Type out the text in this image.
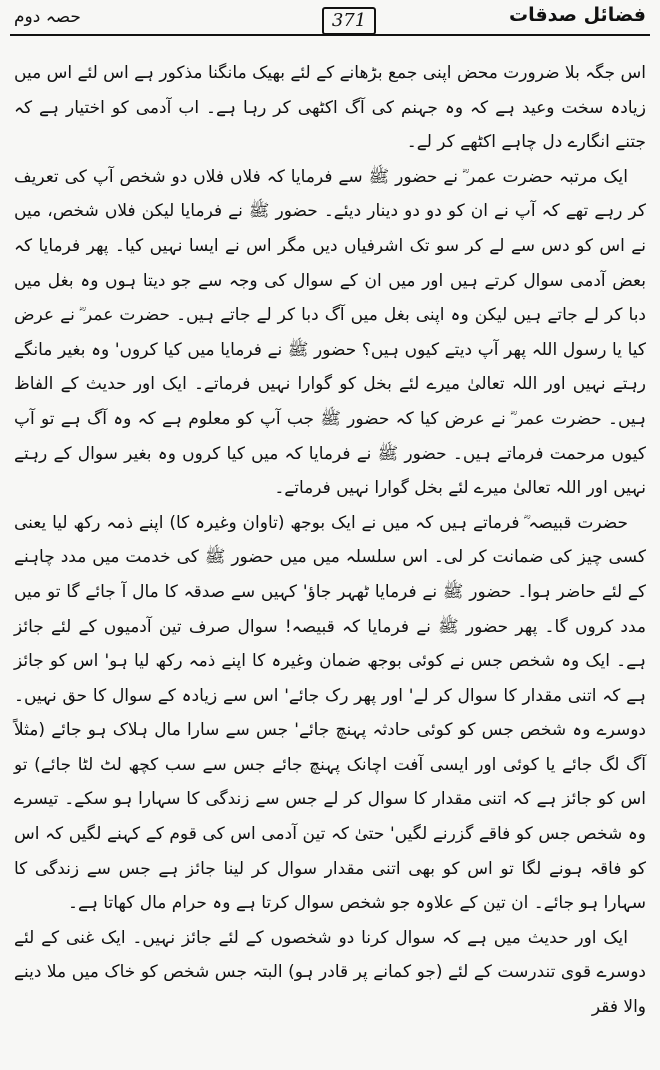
فضائل صدقات
371
حصہ دوم

اس جگہ بلا ضرورت محض اپنی جمع بڑھانے کے لئے بھیک مانگنا مذکور ہے اس لئے اس میں زیادہ سخت وعید ہے کہ وہ جہنم کی آگ اکٹھی کر رہا ہے۔ اب آدمی کو اختیار ہے کہ جتنے انگارے دل چاہے اکٹھے کر لے۔

ایک مرتبہ حضرت عمر ؓ نے حضور ﷺ سے فرمایا کہ فلاں فلاں دو شخص آپ کی تعریف کر رہے تھے کہ آپ نے ان کو دو دو دینار دیئے۔ حضور ﷺ نے فرمایا لیکن فلاں شخص، میں نے اس کو دس سے لے کر سو تک اشرفیاں دیں مگر اس نے ایسا نہیں کیا۔ پھر فرمایا کہ بعض آدمی سوال کرتے ہیں اور میں ان کے سوال کی وجہ سے جو دیتا ہوں وہ بغل میں دبا کر لے جاتے ہیں لیکن وہ اپنی بغل میں آگ دبا کر لے جاتے ہیں۔ حضرت عمر ؓ نے عرض کیا یا رسول اللہ پھر آپ دیتے کیوں ہیں؟ حضور ﷺ نے فرمایا میں کیا کروں' وہ بغیر مانگے رہتے نہیں اور اللہ تعالیٰ میرے لئے بخل کو گوارا نہیں فرماتے۔ ایک اور حدیث کے الفاظ ہیں۔ حضرت عمر ؓ نے عرض کیا کہ حضور ﷺ جب آپ کو معلوم ہے کہ وہ آگ ہے تو آپ کیوں مرحمت فرماتے ہیں۔ حضور ﷺ نے فرمایا کہ میں کیا کروں وہ بغیر سوال کے رہتے نہیں اور اللہ تعالیٰ میرے لئے بخل گوارا نہیں فرماتے۔

حضرت قبیصہ ؓ فرماتے ہیں کہ میں نے ایک بوجھ (تاوان وغیرہ کا) اپنے ذمہ رکھ لیا یعنی کسی چیز کی ضمانت کر لی۔ اس سلسلہ میں میں حضور ﷺ کی خدمت میں مدد چاہنے کے لئے حاضر ہوا۔ حضور ﷺ نے فرمایا ٹھہر جاؤ' کہیں سے صدقہ کا مال آ جائے گا تو میں مدد کروں گا۔ پھر حضور ﷺ نے فرمایا کہ قبیصہ! سوال صرف تین آدمیوں کے لئے جائز ہے۔ ایک وہ شخص جس نے کوئی بوجھ ضمان وغیرہ کا اپنے ذمہ رکھ لیا ہو' اس کو جائز ہے کہ اتنی مقدار کا سوال کر لے' اور پھر رک جائے' اس سے زیادہ کے سوال کا حق نہیں۔ دوسرے وہ شخص جس کو کوئی حادثہ پہنچ جائے' جس سے سارا مال ہلاک ہو جائے (مثلاً آگ لگ جائے یا کوئی اور ایسی آفت اچانک پہنچ جائے جس سے سب کچھ لٹ لٹا جائے) تو اس کو جائز ہے کہ اتنی مقدار کا سوال کر لے جس سے زندگی کا سہارا ہو سکے۔ تیسرے وہ شخص جس کو فاقے گزرنے لگیں' حتیٰ کہ تین آدمی اس کی قوم کے کہنے لگیں کہ اس کو فاقہ ہونے لگا تو اس کو بھی اتنی مقدار سوال کر لینا جائز ہے جس سے زندگی کا سہارا ہو جائے۔ ان تین کے علاوہ جو شخص سوال کرتا ہے وہ حرام مال کھاتا ہے۔

ایک اور حدیث میں ہے کہ سوال کرنا دو شخصوں کے لئے جائز نہیں۔ ایک غنی کے لئے دوسرے قوی تندرست کے لئے (جو کمانے پر قادر ہو) البتہ جس شخص کو خاک میں ملا دینے والا فقر
